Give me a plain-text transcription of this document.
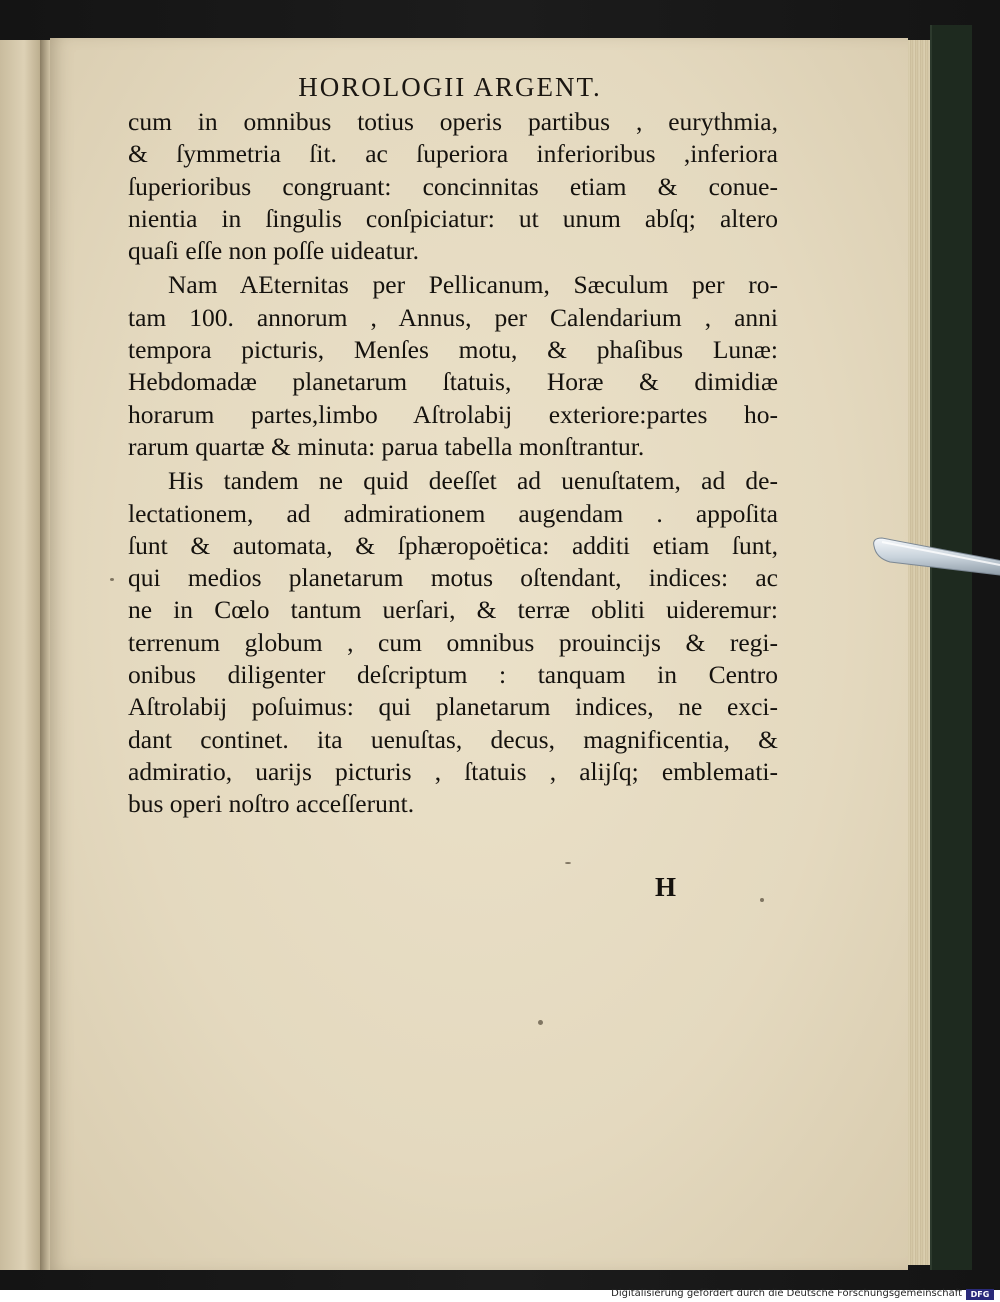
HOROLOGII ARGENT.
cum in omnibus totius operis partibus , eurythmia,
& ſymmetria ſit. ac ſuperiora inferioribus ,inferiora
ſuperioribus congruant: concinnitas etiam & conue-
nientia in ſingulis conſpiciatur: ut unum abſq; altero
quaſi eſſe non poſſe uideatur.
Nam AEternitas per Pellicanum, Sæculum per ro-
tam 100. annorum , Annus, per Calendarium , anni
tempora picturis, Menſes motu, & phaſibus Lunæ:
Hebdomadæ planetarum ſtatuis, Horæ & dimidiæ
horarum partes,limbo Aſtrolabij exteriore:partes ho-
rarum quartæ & minuta: parua tabella monſtrantur.
His tandem ne quid deeſſet ad uenuſtatem, ad de-
lectationem, ad admirationem augendam . appoſita
ſunt & automata, & ſphæropoëtica: additi etiam ſunt,
qui medios planetarum motus oſtendant, indices: ac
ne in Cœlo tantum uerſari, & terræ obliti uideremur:
terrenum globum , cum omnibus prouincijs & regi-
onibus diligenter deſcriptum : tanquam in Centro
Aſtrolabij poſuimus: qui planetarum indices, ne exci-
dant continet. ita uenuſtas, decus, magnificentia, &
admiratio, uarijs picturis , ſtatuis , alijſq; emblemati-
bus operi noſtro acceſſerunt.
H
Digitalisierung gefördert durch die Deutsche Forschungsgemeinschaft	DFG
